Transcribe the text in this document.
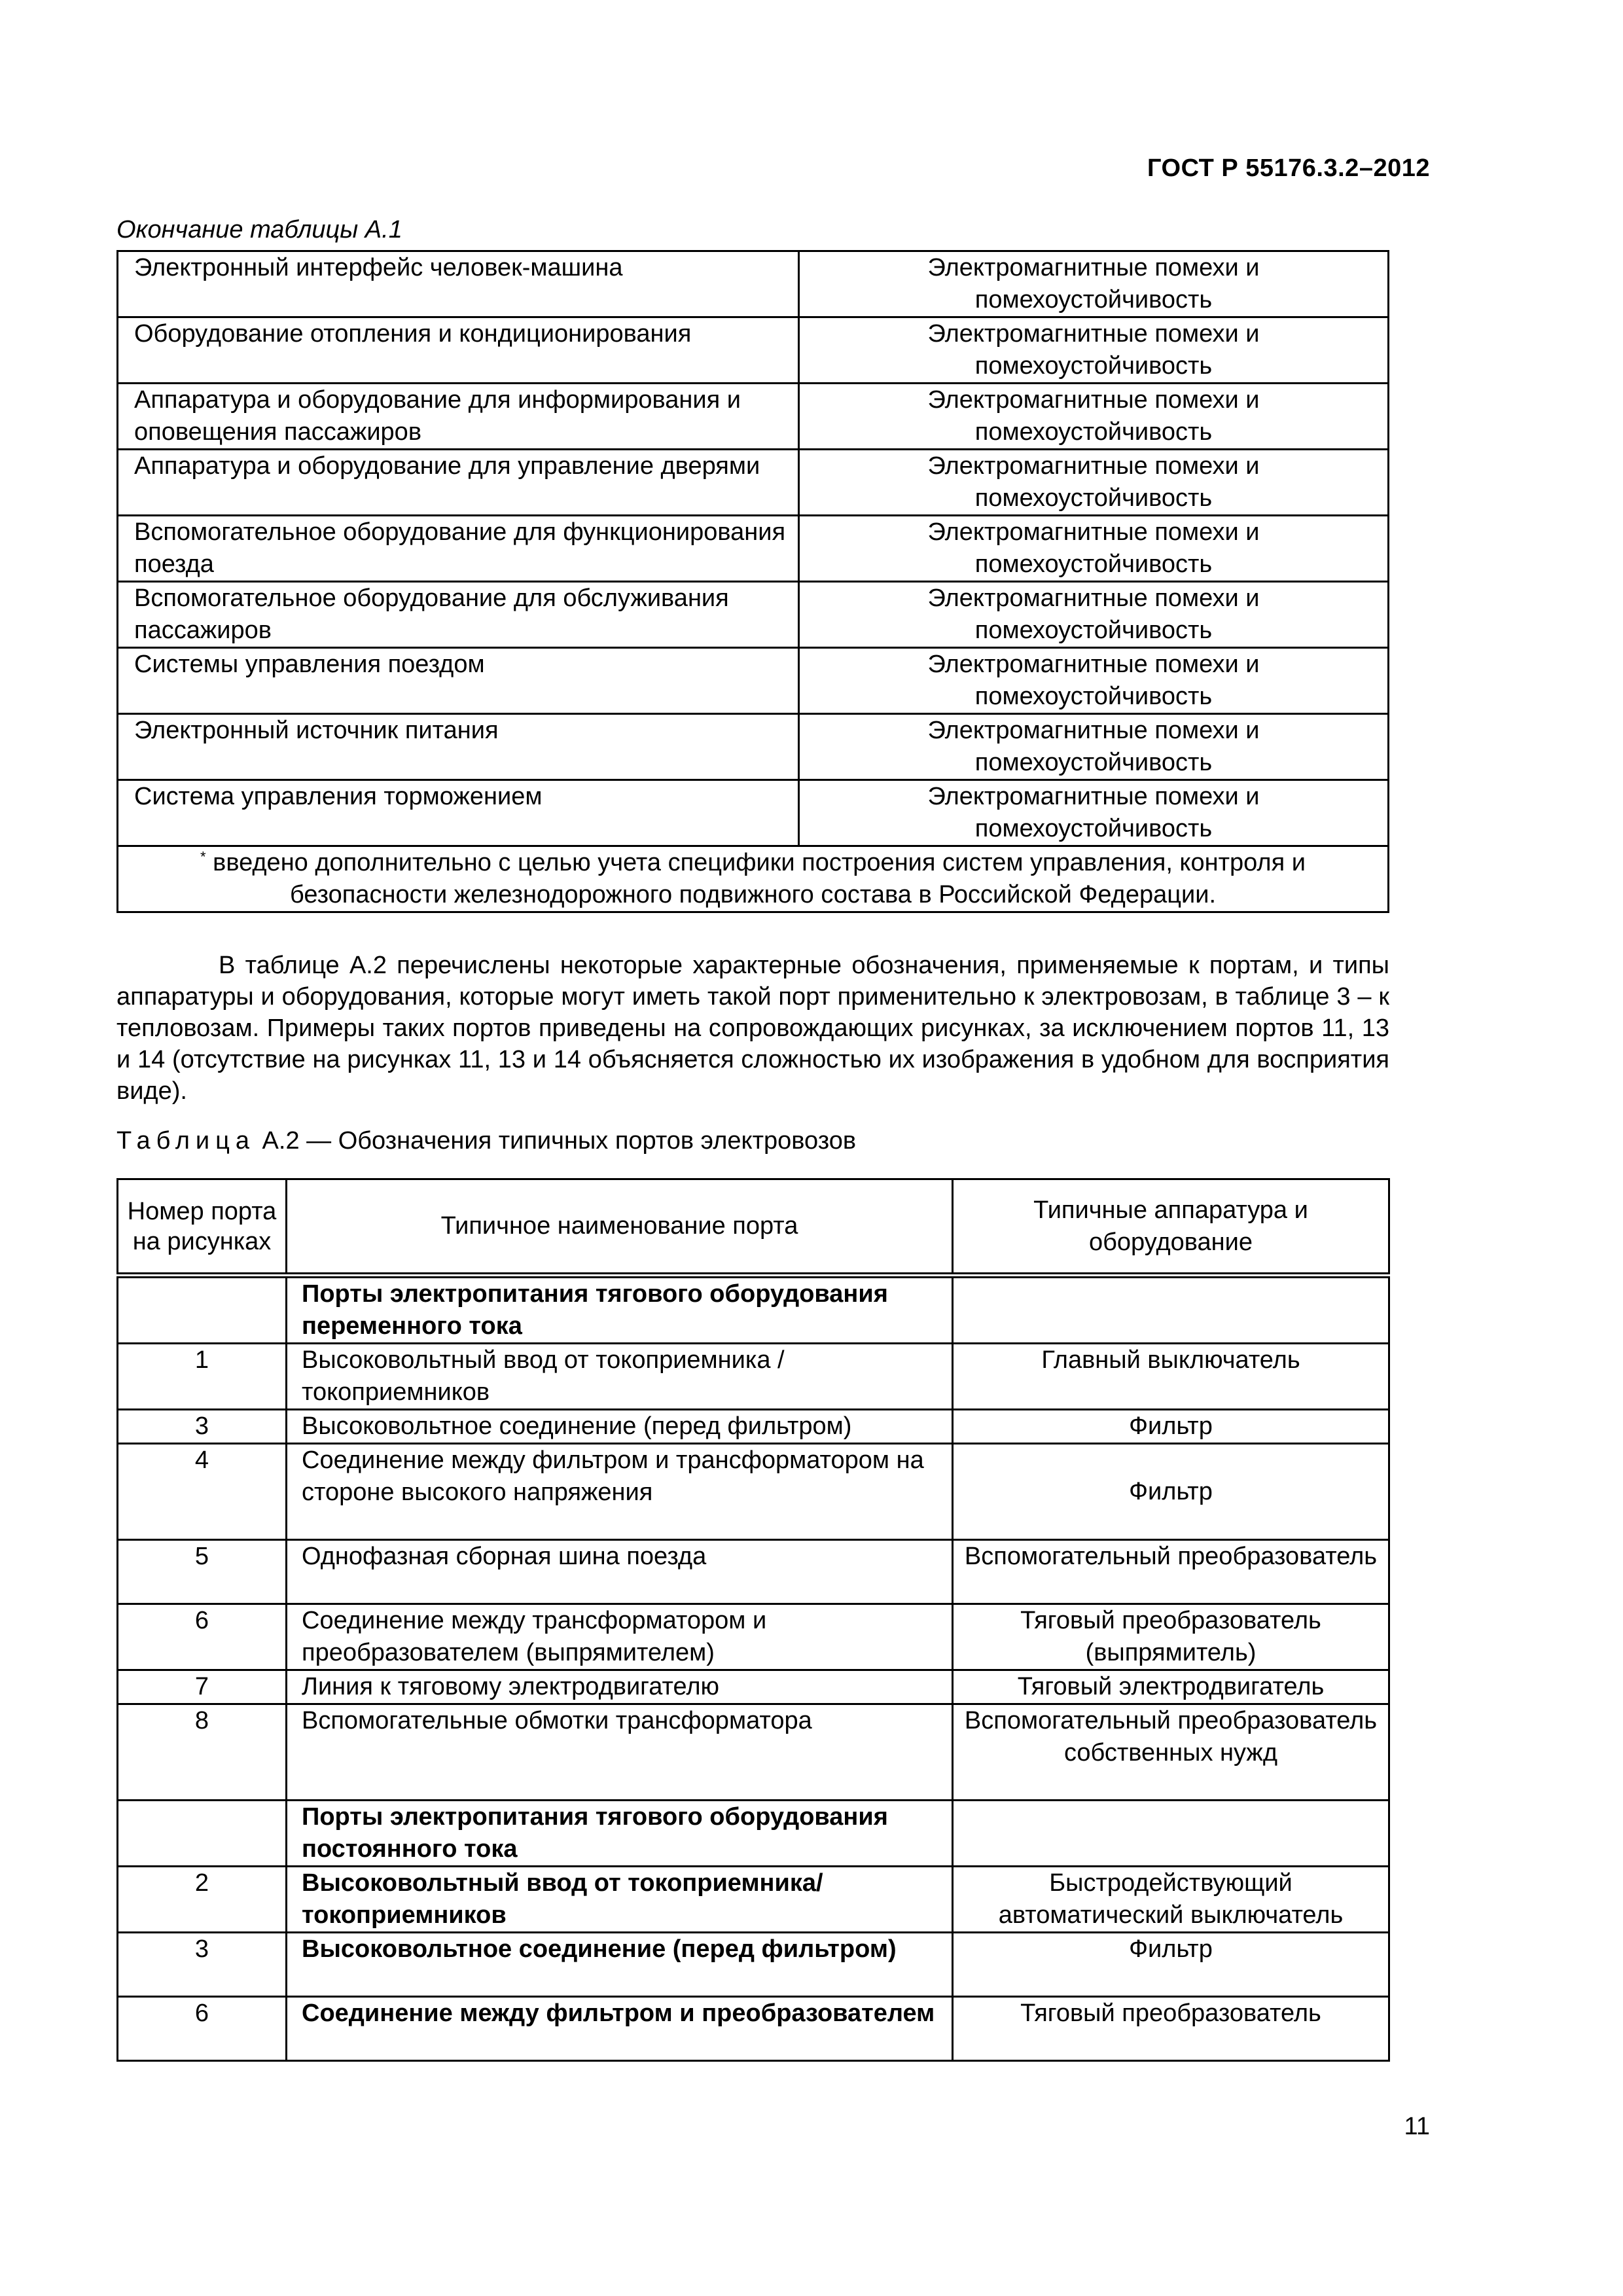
ГОСТ Р 55176.3.2–2012
Окончание таблицы А.1
Электронный интерфейс человек-машина	Электромагнитные помехи и помехоустойчивость
Оборудование отопления и кондиционирования	Электромагнитные помехи и помехоустойчивость
Аппаратура и оборудование для информирования и оповещения пассажиров	Электромагнитные помехи и помехоустойчивость
Аппаратура и оборудование для управление дверями	Электромагнитные помехи и помехоустойчивость
Вспомогательное оборудование для функционирования поезда	Электромагнитные помехи и помехоустойчивость
Вспомогательное оборудование для обслуживания пассажиров	Электромагнитные помехи и помехоустойчивость
Системы управления поездом	Электромагнитные помехи и помехоустойчивость
Электронный источник питания	Электромагнитные помехи и помехоустойчивость
Система управления торможением	Электромагнитные помехи и помехоустойчивость
* введено дополнительно с целью учета специфики построения систем управления, контроля и безопасности железнодорожного подвижного состава в Российской Федерации.	

В таблице А.2 перечислены некоторые характерные обозначения, применяемые к портам, и типы аппаратуры и оборудования, которые могут иметь такой порт применительно к электровозам, в таблице 3 – к тепловозам. Примеры таких портов приведены на сопровождающих рисунках, за исключением портов 11, 13 и 14 (отсутствие на рисунках 11, 13 и 14 объясняется сложностью их изображения в удобном для восприятия виде).

Таблица А.2 — Обозначения типичных портов электровозов
Номер порта на рисунках	Типичное наименование порта	Типичные аппаратура и оборудование
	Порты электропитания тягового оборудования переменного тока	
1	Высоковольтный ввод от токоприемника /токоприемников	Главный выключатель
3	Высоковольтное соединение (перед фильтром)	Фильтр
4	Соединение между фильтром и трансформатором на стороне высокого напряжения	Фильтр
5	Однофазная сборная шина поезда	Вспомогательный преобразователь
6	Соединение между трансформатором и преобразователем (выпрямителем)	Тяговый преобразователь (выпрямитель)
7	Линия к тяговому электродвигателю	Тяговый электродвигатель
8	Вспомогательные обмотки трансформатора	Вспомогательный преобразователь собственных нужд
	Порты электропитания тягового оборудования постоянного тока	
2	Высоковольтный ввод от токоприемника/токоприемников	Быстродействующий автоматический выключатель
3	Высоковольтное соединение (перед фильтром)	Фильтр
6	Соединение между фильтром и преобразователем	Тяговый преобразователь
11
